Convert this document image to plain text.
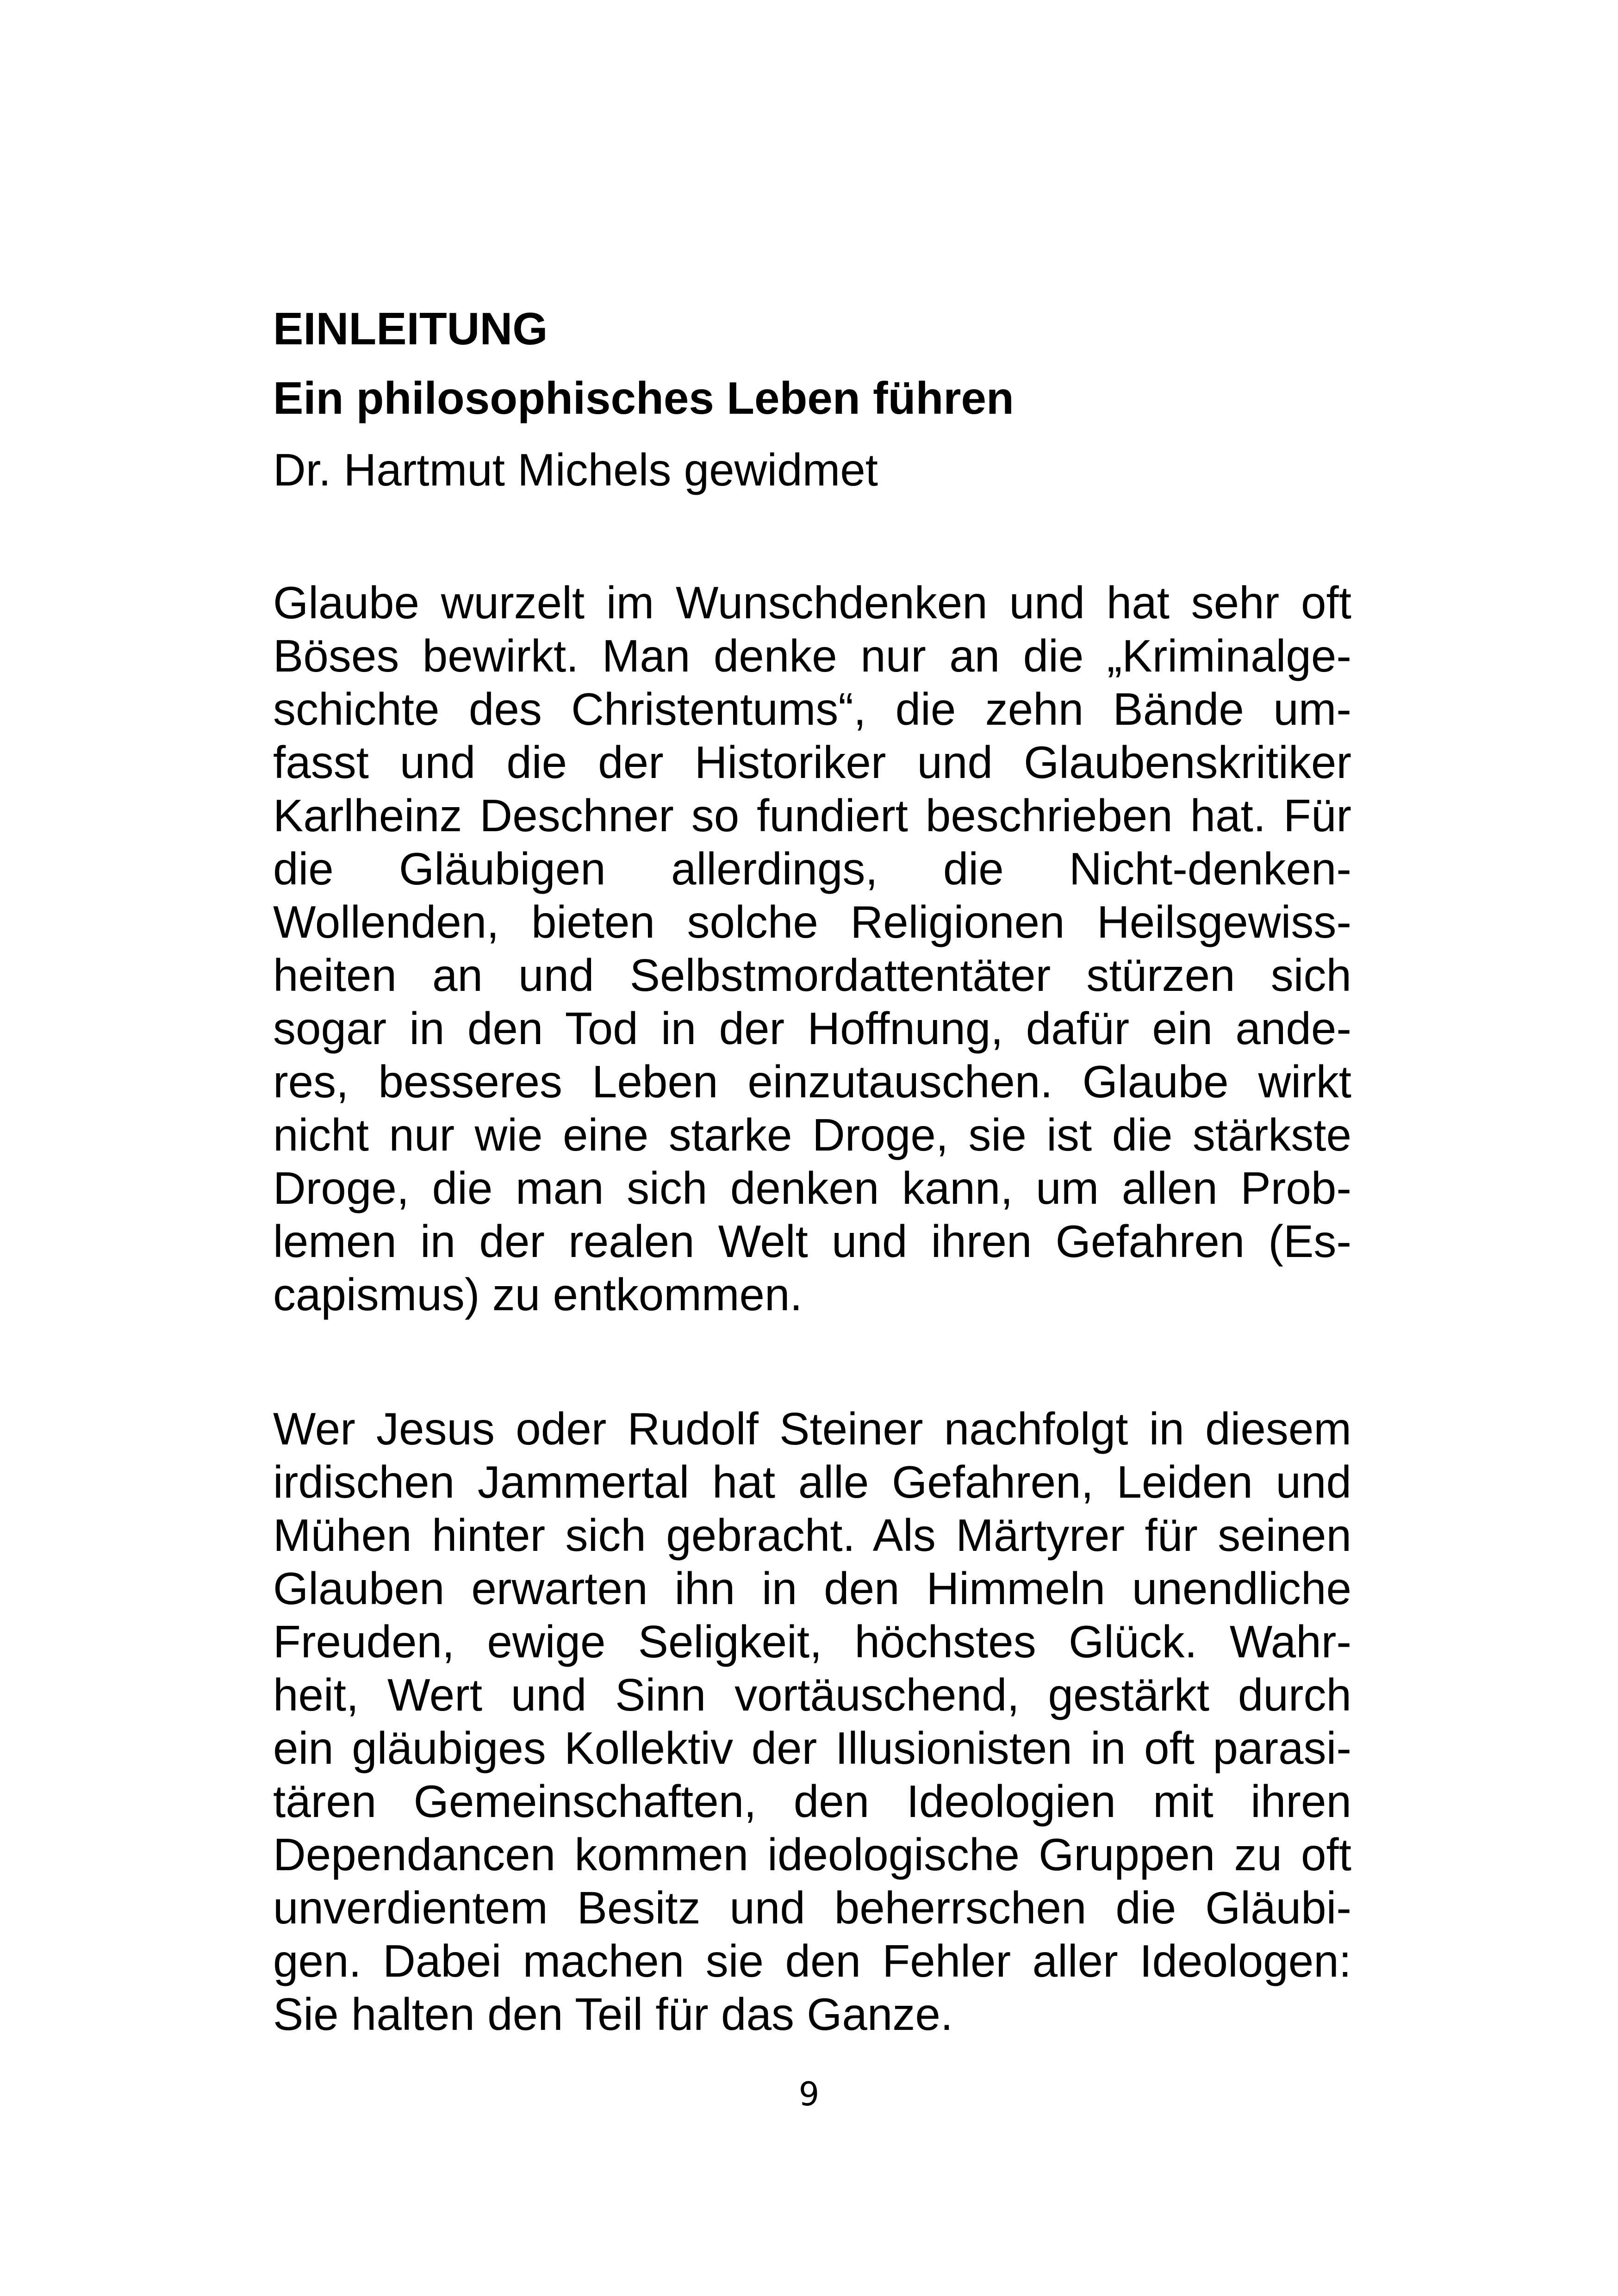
EINLEITUNG
Ein philosophisches Leben führen

Dr. Hartmut Michels gewidmet

Glaube wurzelt im Wunschdenken und hat sehr oft
Böses bewirkt. Man denke nur an die „Kriminalge-
schichte des Christentums“, die zehn Bände um-
fasst und die der Historiker und Glaubenskritiker
Karlheinz Deschner so fundiert beschrieben hat. Für
die Gläubigen allerdings, die Nicht-denken-
Wollenden, bieten solche Religionen Heilsgewiss-
heiten an und Selbstmordattentäter stürzen sich
sogar in den Tod in der Hoffnung, dafür ein ande-
res, besseres Leben einzutauschen. Glaube wirkt
nicht nur wie eine starke Droge, sie ist die stärkste
Droge, die man sich denken kann, um allen Prob-
lemen in der realen Welt und ihren Gefahren (Es-
capismus) zu entkommen.
Wer Jesus oder Rudolf Steiner nachfolgt in diesem
irdischen Jammertal hat alle Gefahren, Leiden und
Mühen hinter sich gebracht. Als Märtyrer für seinen
Glauben erwarten ihn in den Himmeln unendliche
Freuden, ewige Seligkeit, höchstes Glück. Wahr-
heit, Wert und Sinn vortäuschend, gestärkt durch
ein gläubiges Kollektiv der Illusionisten in oft parasi-
tären Gemeinschaften, den Ideologien mit ihren
Dependancen kommen ideologische Gruppen zu oft
unverdientem Besitz und beherrschen die Gläubi-
gen. Dabei machen sie den Fehler aller Ideologen:
Sie halten den Teil für das Ganze.
9
